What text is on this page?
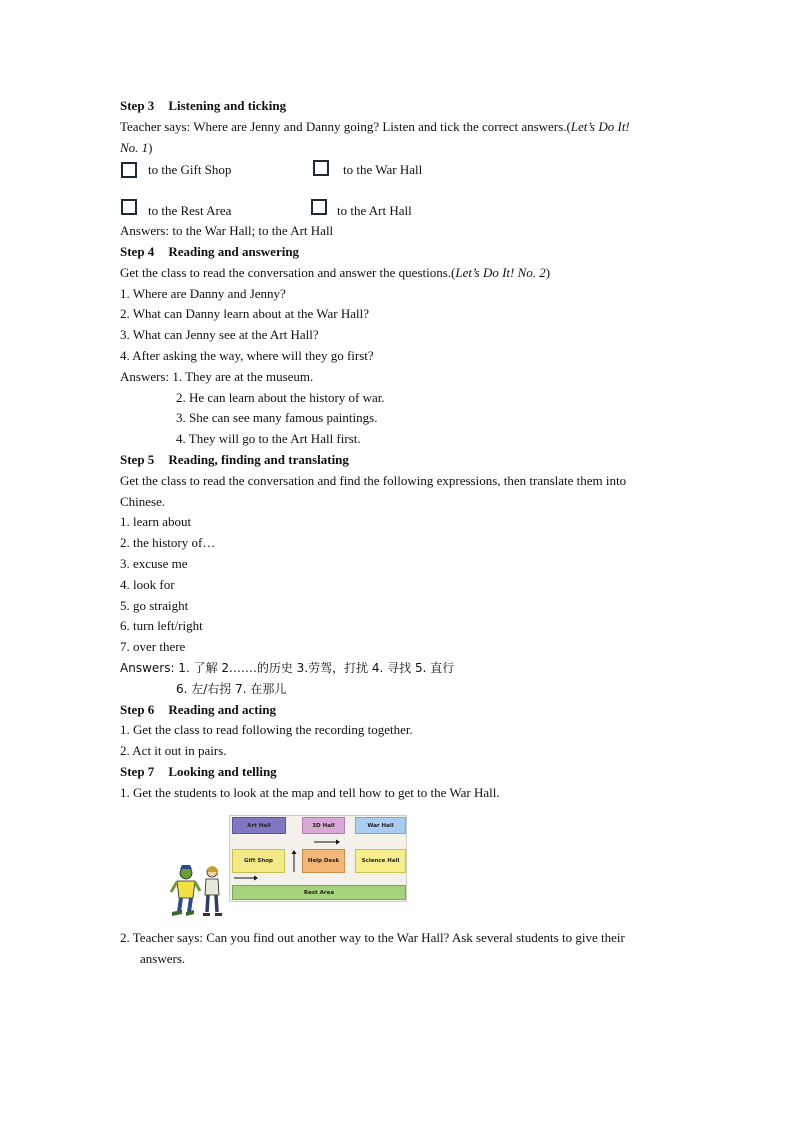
Step 3 Listening and ticking
Teacher says: Where are Jenny and Danny going? Listen and tick the correct answers.(Let’s Do It!
No. 1)
to the Gift Shop	to the War Hall
to the Rest Area	to the Art Hall
Answers: to the War Hall; to the Art Hall
Step 4 Reading and answering
Get the class to read the conversation and answer the questions.(Let’s Do It! No. 2)
1. Where are Danny and Jenny?
2. What can Danny learn about at the War Hall?
3. What can Jenny see at the Art Hall?
4. After asking the way, where will they go first?
Answers: 1. They are at the museum.
2. He can learn about the history of war.
3. She can see many famous paintings.
4. They will go to the Art Hall first.
Step 5 Reading, finding and translating
Get the class to read the conversation and find the following expressions, then translate them into
Chinese.
1. learn about
2. the history of…
3. excuse me
4. look for
5. go straight
6. turn left/right
7. over there
Answers: 1. 了解 2.……的历史 3.劳驾，打扰 4. 寻找 5. 直行
6. 左/右拐 7. 在那儿
Step 6 Reading and acting
1. Get the class to read following the recording together.
2. Act it out in pairs.
Step 7 Looking and telling
1. Get the students to look at the map and tell how to get to the War Hall.
Art Hall	3D Hall	War Hall
Gift Shop	Help Desk	Science Hall
Rest Area
2. Teacher says: Can you find out another way to the War Hall? Ask several students to give their
answers.
